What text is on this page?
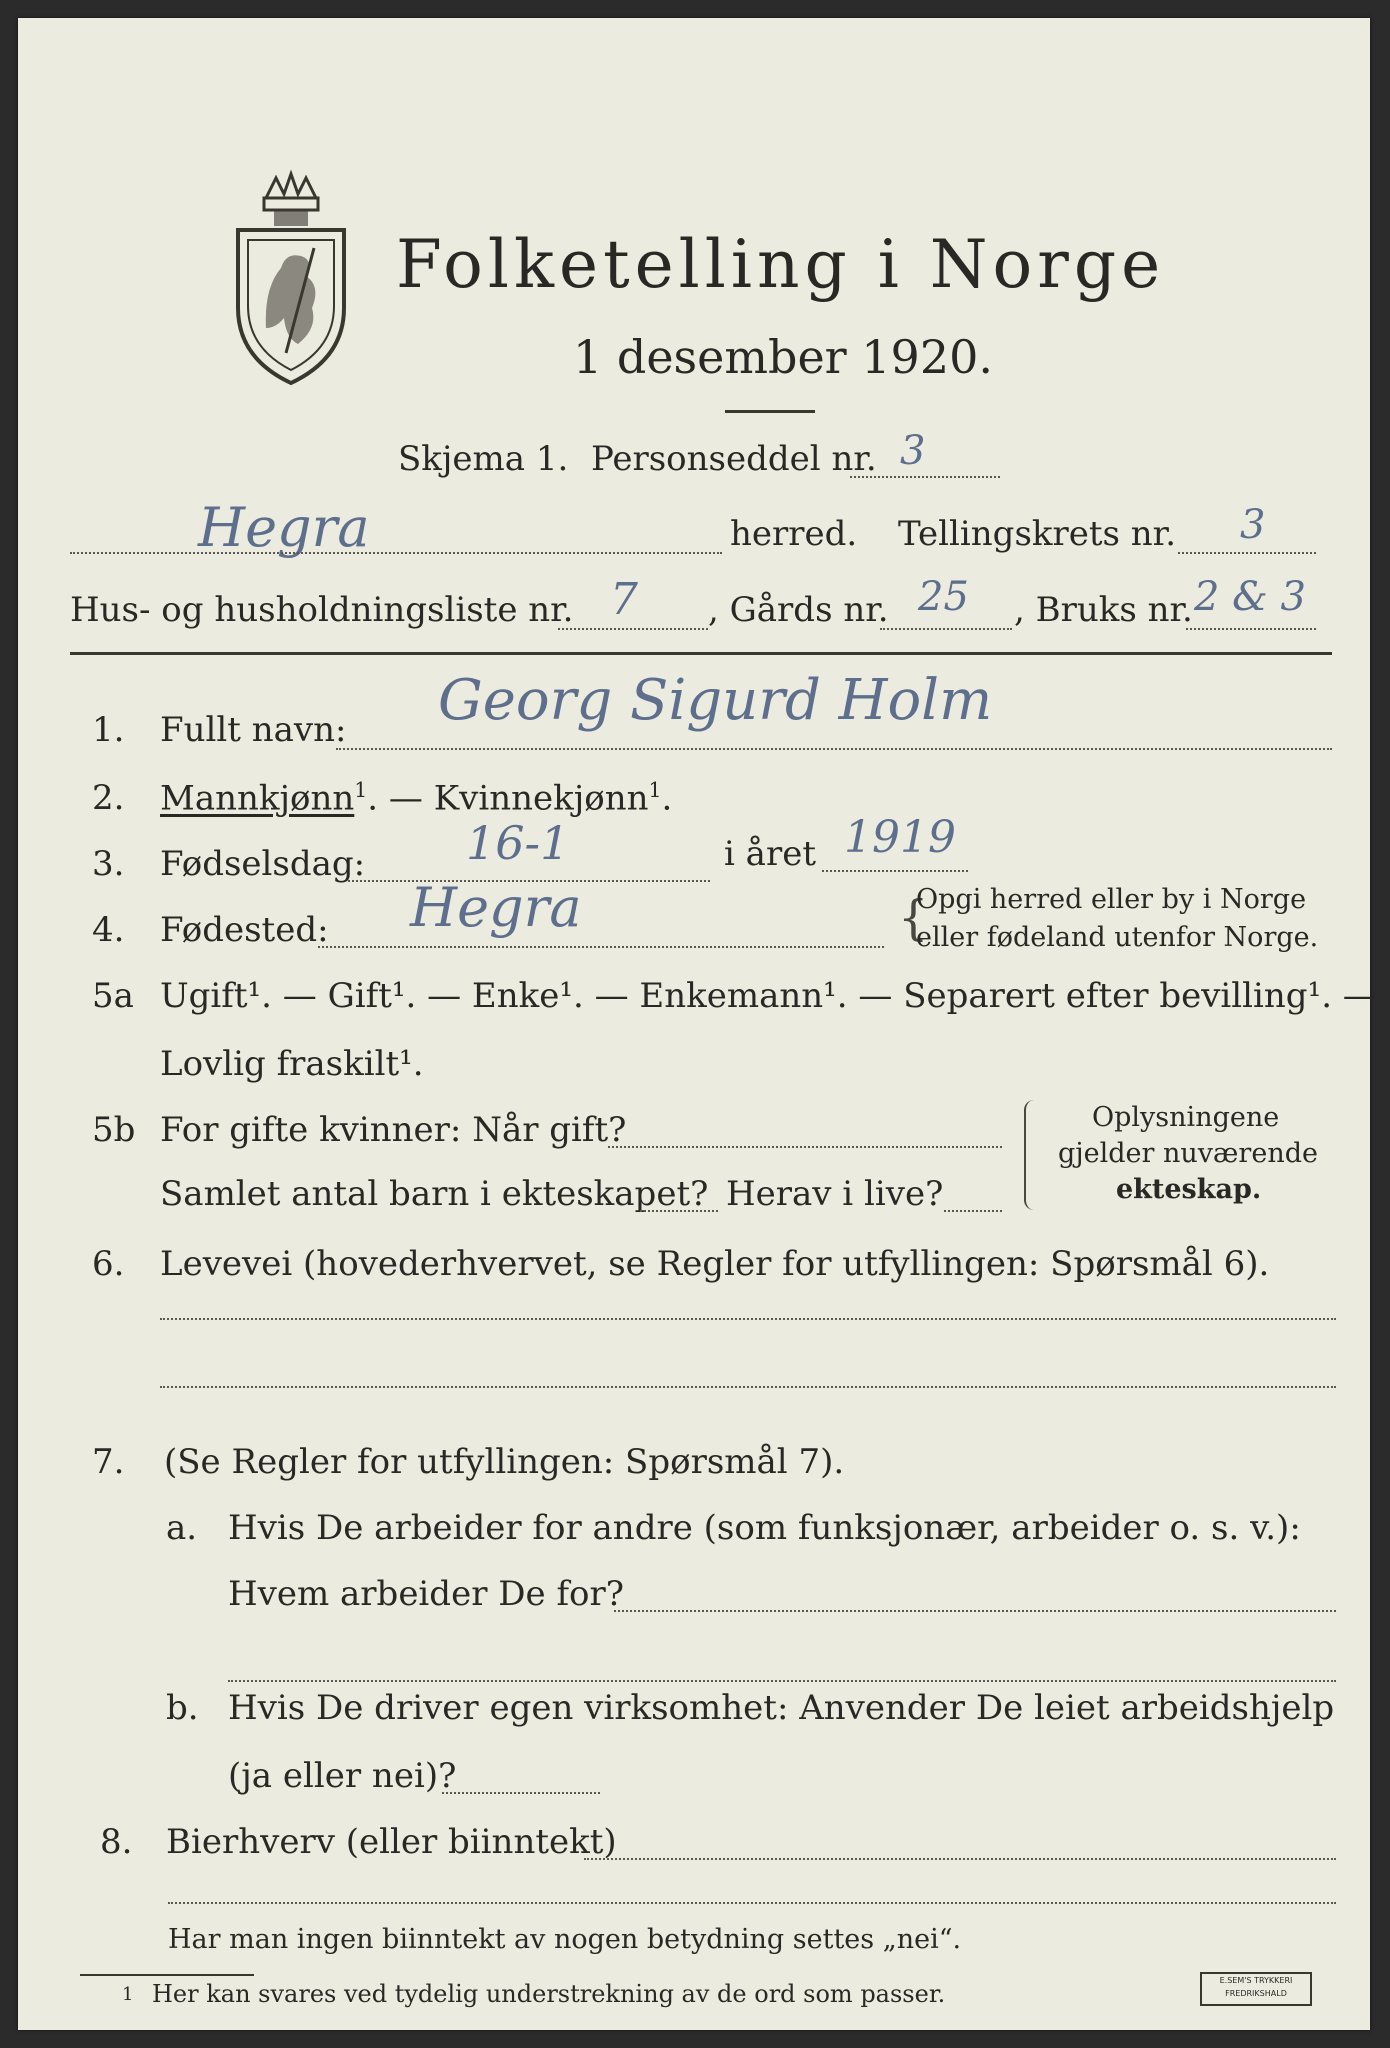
Folketelling i Norge
1 desember 1920.
Skjema 1. Personseddel nr. 3
Hegra	herred. Tellingskrets nr. 3
Hus- og husholdningsliste nr. 7 , Gårds nr. 25 , Bruks nr. 2 & 3
1. Fullt navn: Georg Sigurd Holm
2. Mannkjønn$^1$. — Kvinnekjønn$^1$.
3. Fødselsdag: 16-1	i året 1919
4. Fødested: Hegra	{
Opgi herred eller by i Norge
eller fødeland utenfor Norge.
5a Ugift¹. — Gift¹. — Enke¹. — Enkemann¹. — Separert efter bevilling¹. —
Lovlig fraskilt¹.
5b For gifte kvinner: Når gift?
Samlet antal barn i ekteskapet? Herav i live?
Oplysningene
gjelder nuværende
ekteskap.
6. Levevei (hovederhvervet, se Regler for utfyllingen: Spørsmål 6).
7. (Se Regler for utfyllingen: Spørsmål 7).
a. Hvis De arbeider for andre (som funksjonær, arbeider o. s. v.):
Hvem arbeider De for?
b. Hvis De driver egen virksomhet: Anvender De leiet arbeidshjelp
(ja eller nei)?
8. Bierhverv (eller biinntekt)
Har man ingen biinntekt av nogen betydning settes „nei“.
1 Her kan svares ved tydelig understrekning av de ord som passer.	E.SEM'S TRYKKERI
FREDRIKSHALD
